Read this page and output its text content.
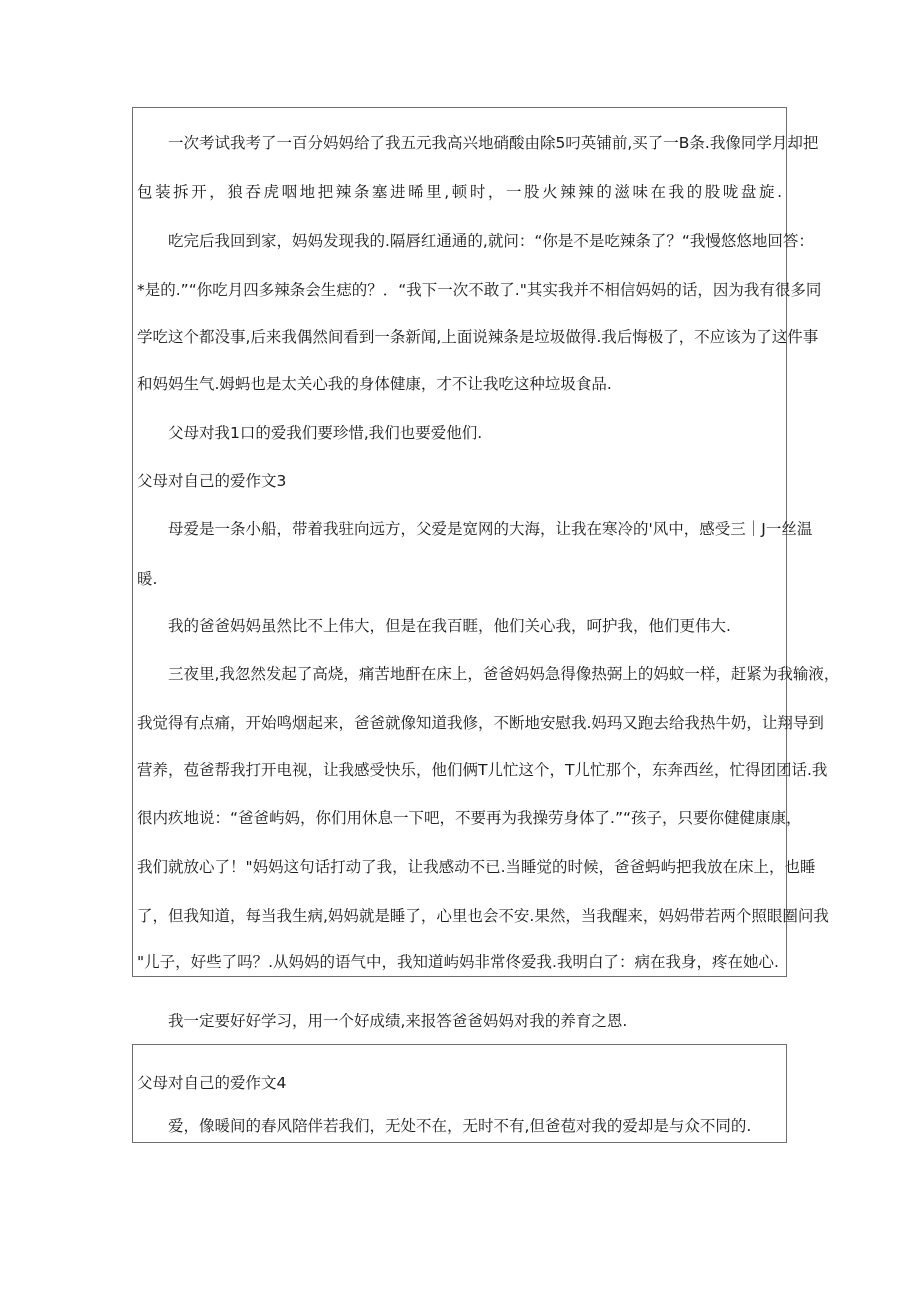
一次考试我考了一百分妈妈给了我五元我高兴地硝酸由除5叼英铺前,买了一B条.我像同学月却把
包装拆开，狼吞虎咽地把辣条塞进晞里,顿时，一股火辣辣的滋味在我的股咙盘旋.
吃完后我回到家，妈妈发现我的.隔唇红通通的,就问：“你是不是吃辣条了？“我慢悠悠地回答：
*是的.”“你吃月四多辣条会生痣的？．“我下一次不敢了."其实我并不相信妈妈的话，因为我有很多同
学吃这个都没事,后来我偶然间看到一条新闻,上面说辣条是垃圾做得.我后悔极了，不应该为了这件事
和妈妈生气.姆蚂也是太关心我的身体健康，才不让我吃这种垃圾食品.
父母对我1口的爱我们要珍惜,我们也要爱他们.
父母对自己的爱作文3
母爱是一条小船，带着我驻向远方，父爱是宽网的大海，让我在寒冷的'风中，感受三｜J一丝温
暖.
我的爸爸妈妈虽然比不上伟大，但是在我百睚，他们关心我，呵护我，他们更伟大.
三夜里,我忽然发起了高烧，痛苦地酐在床上，爸爸妈妈急得像热弼上的妈蚊一样，赶紧为我输液，
我觉得有点痛，开始鸣烟起来，爸爸就像知道我修，不断地安慰我.妈玛又跑去给我热牛奶，让翔导到
营养，苞爸帮我打开电视，让我感受快乐，他们俩T儿忙这个，T儿忙那个，东奔西丝，忙得团团话.我
很内疚地说：“爸爸屿妈，你们用休息一下吧，不要再为我操劳身体了.”“孩子，只要你健健康康，
我们就放心了！"妈妈这句话打动了我，让我感动不已.当睡觉的时候，爸爸蚂屿把我放在床上，也睡
了，但我知道，每当我生病,妈妈就是睡了，心里也会不安.果然，当我醒来，妈妈带若两个照眼圈问我
"儿子，好些了吗？.从妈妈的语气中，我知道屿妈非常佟爱我.我明白了：病在我身，疼在她心.
我一定要好好学习，用一个好成绩,来报答爸爸妈妈对我的养育之恩.
父母对自己的爱作文4
爱，像暖间的春风陪伴若我们，无处不在，无时不有,但爸苞对我的爱却是与众不同的.
